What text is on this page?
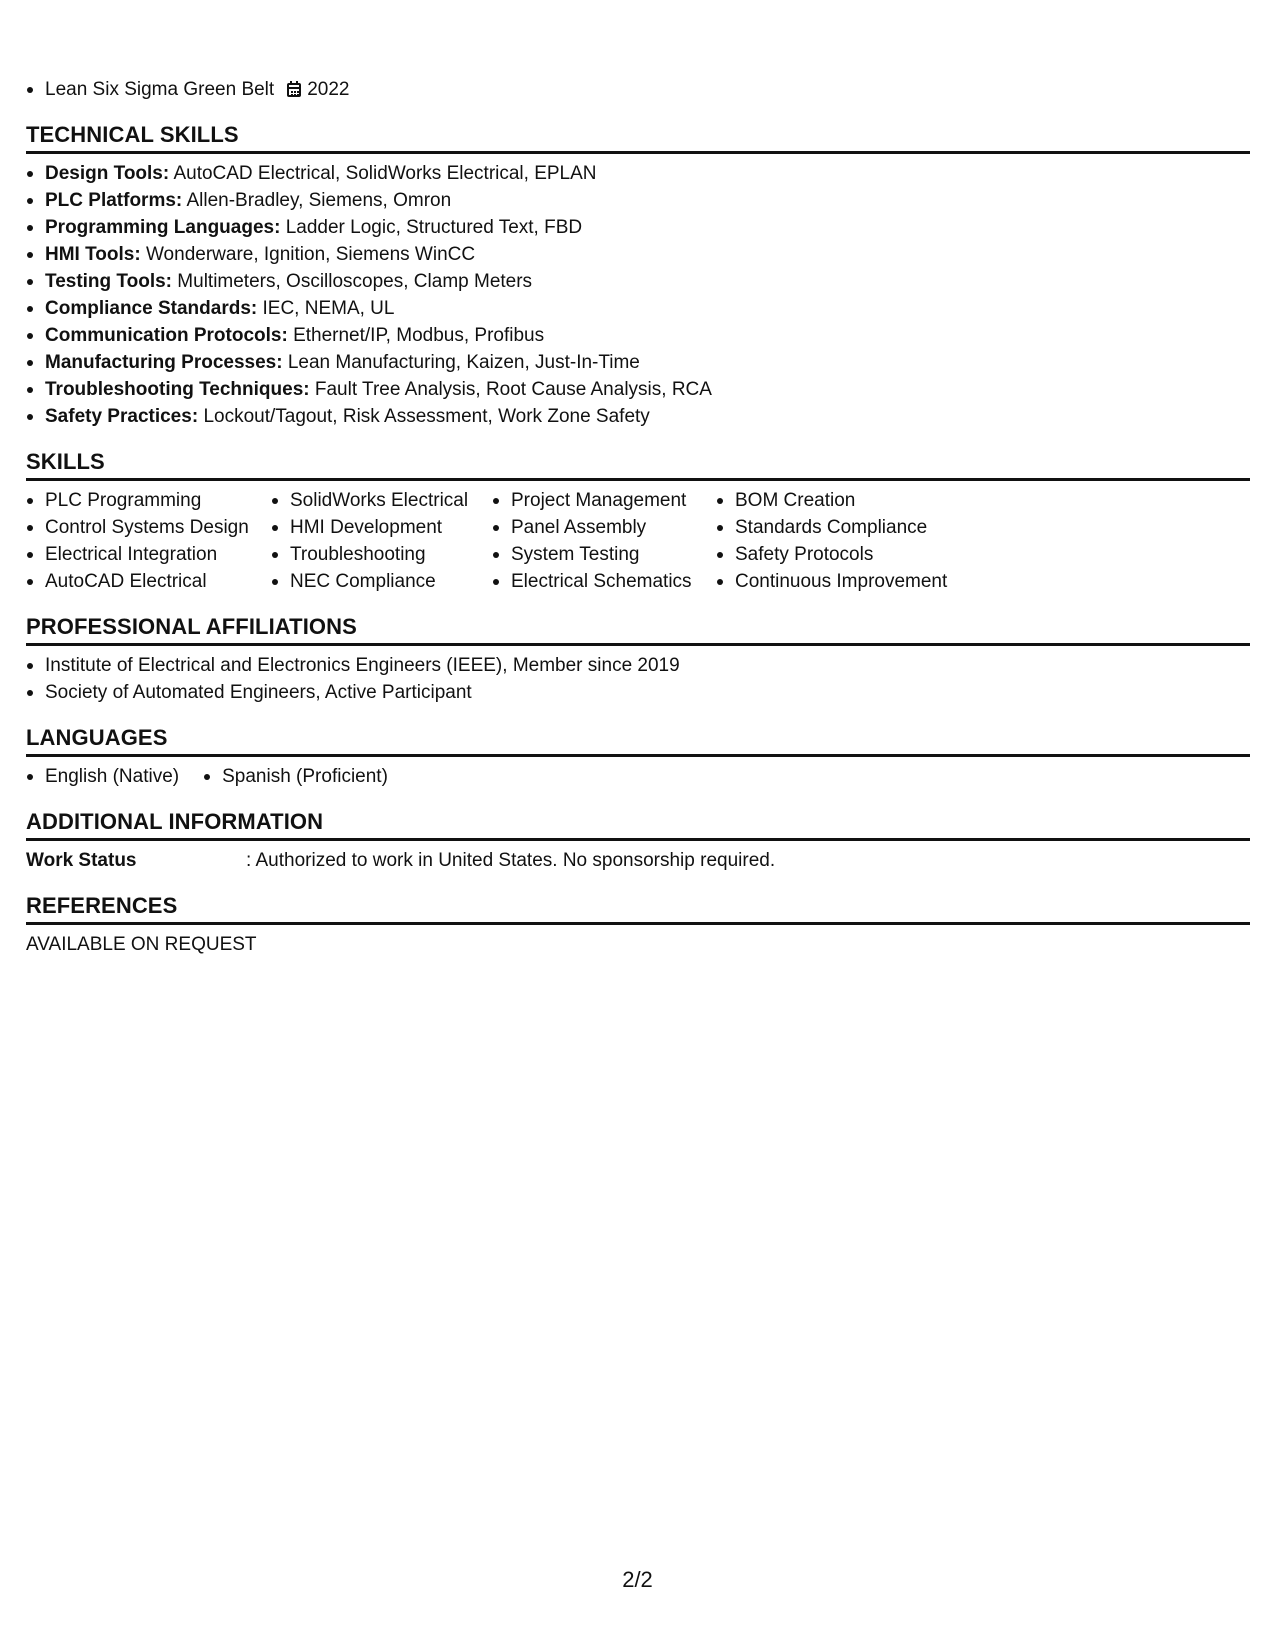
Lean Six Sigma Green Belt 2022
TECHNICAL SKILLS
Design Tools: AutoCAD Electrical, SolidWorks Electrical, EPLAN
PLC Platforms: Allen-Bradley, Siemens, Omron
Programming Languages: Ladder Logic, Structured Text, FBD
HMI Tools: Wonderware, Ignition, Siemens WinCC
Testing Tools: Multimeters, Oscilloscopes, Clamp Meters
Compliance Standards: IEC, NEMA, UL
Communication Protocols: Ethernet/IP, Modbus, Profibus
Manufacturing Processes: Lean Manufacturing, Kaizen, Just-In-Time
Troubleshooting Techniques: Fault Tree Analysis, Root Cause Analysis, RCA
Safety Practices: Lockout/Tagout, Risk Assessment, Work Zone Safety
SKILLS
PLC Programming
Control Systems Design
Electrical Integration
AutoCAD Electrical
SolidWorks Electrical
HMI Development
Troubleshooting
NEC Compliance
Project Management
Panel Assembly
System Testing
Electrical Schematics
BOM Creation
Standards Compliance
Safety Protocols
Continuous Improvement
PROFESSIONAL AFFILIATIONS
Institute of Electrical and Electronics Engineers (IEEE), Member since 2019
Society of Automated Engineers, Active Participant
LANGUAGES
English (Native)	Spanish (Proficient)
ADDITIONAL INFORMATION
Work Status	: Authorized to work in United States. No sponsorship required.
REFERENCES
AVAILABLE ON REQUEST
2/2
